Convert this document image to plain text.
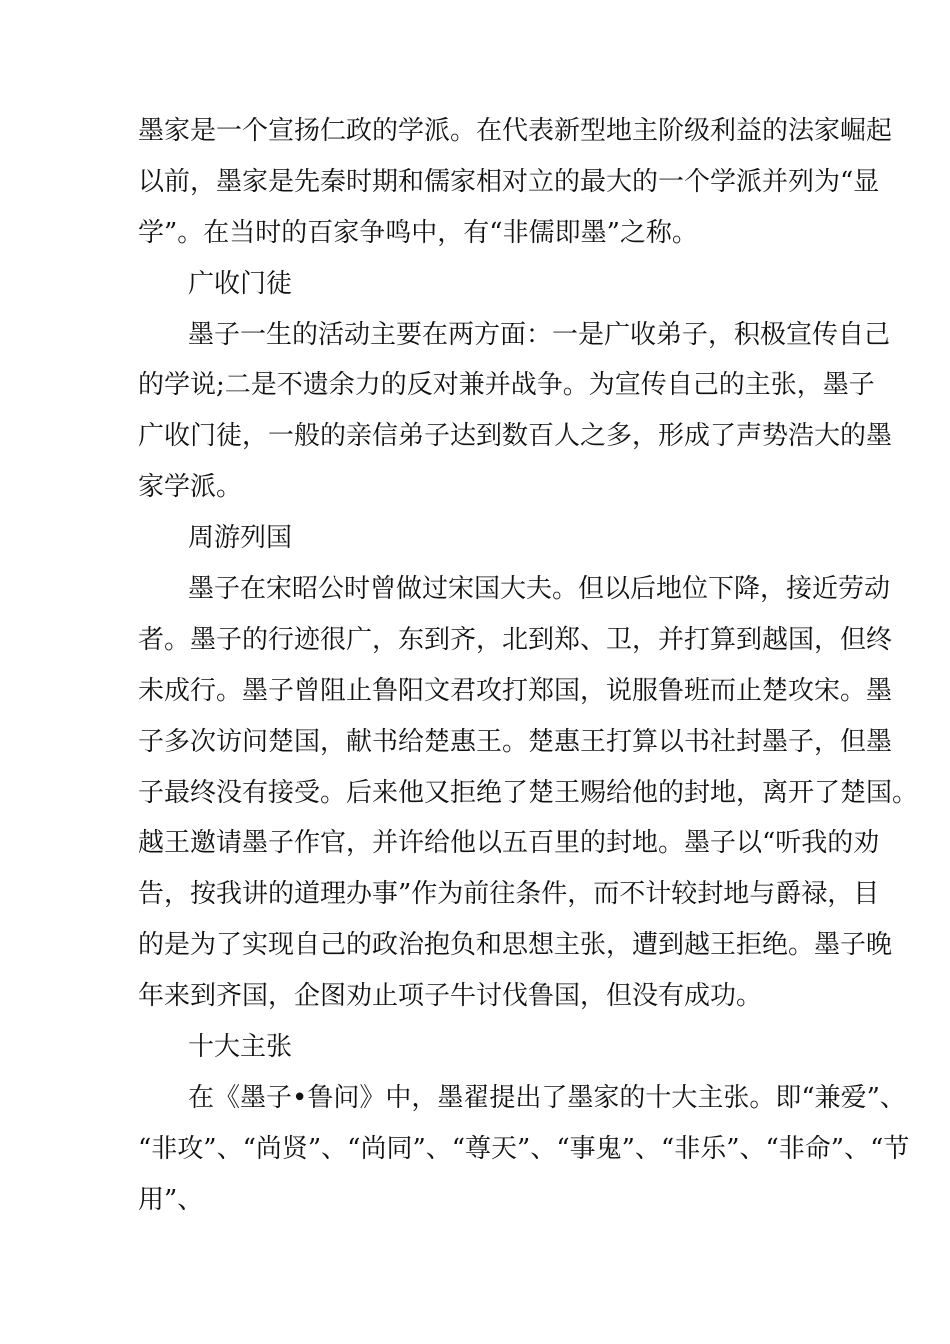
墨家是一个宣扬仁政的学派。在代表新型地主阶级利益的法家崛起
以前，墨家是先秦时期和儒家相对立的最大的一个学派并列为“显
学”。在当时的百家争鸣中，有“非儒即墨”之称。
广收门徒
墨子一生的活动主要在两方面：一是广收弟子，积极宣传自己
的学说;二是不遗余力的反对兼并战争。为宣传自己的主张，墨子
广收门徒，一般的亲信弟子达到数百人之多，形成了声势浩大的墨
家学派。
周游列国
墨子在宋昭公时曾做过宋国大夫。但以后地位下降，接近劳动
者。墨子的行迹很广，东到齐，北到郑、卫，并打算到越国，但终
未成行。墨子曾阻止鲁阳文君攻打郑国，说服鲁班而止楚攻宋。墨
子多次访问楚国，献书给楚惠王。楚惠王打算以书社封墨子，但墨
子最终没有接受。后来他又拒绝了楚王赐给他的封地，离开了楚国。
越王邀请墨子作官，并许给他以五百里的封地。墨子以“听我的劝
告，按我讲的道理办事”作为前往条件，而不计较封地与爵禄，目
的是为了实现自己的政治抱负和思想主张，遭到越王拒绝。墨子晚
年来到齐国，企图劝止项子牛讨伐鲁国，但没有成功。
十大主张
在《墨子•鲁问》中，墨翟提出了墨家的十大主张。即“兼爱”、
“非攻”、“尚贤”、“尚同”、“尊天”、“事鬼”、“非乐”、“非命”、“节
用”、
